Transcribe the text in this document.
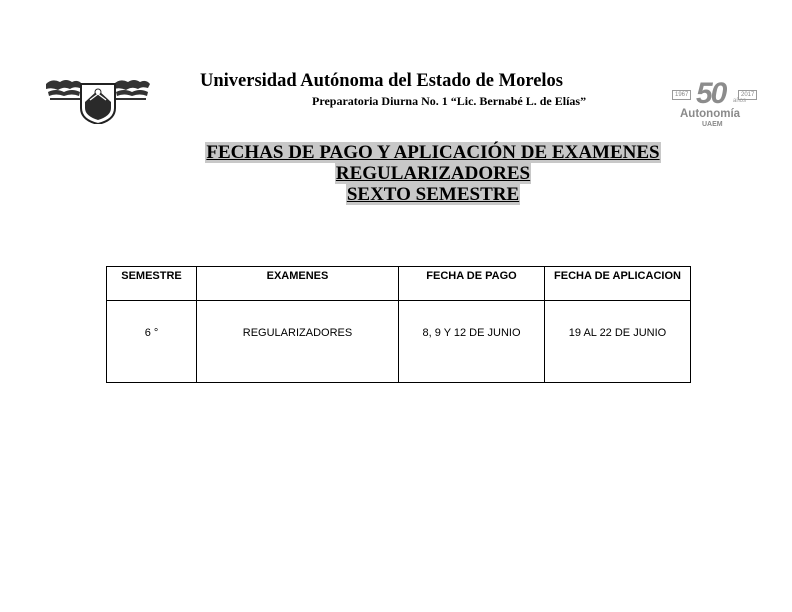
Universidad Autónoma del Estado de Morelos
Preparatoria Diurna No. 1 “Lic. Bernabé L. de Elías”	1967	2017
50 años
Autonomía
UAEM
FECHAS DE PAGO Y APLICACIÓN DE EXAMENES
REGULARIZADORES
SEXTO SEMESTRE
SEMESTRE	EXAMENES	FECHA DE PAGO	FECHA DE APLICACION
6 °	REGULARIZADORES	8, 9 Y 12 DE JUNIO	19 AL 22 DE JUNIO
